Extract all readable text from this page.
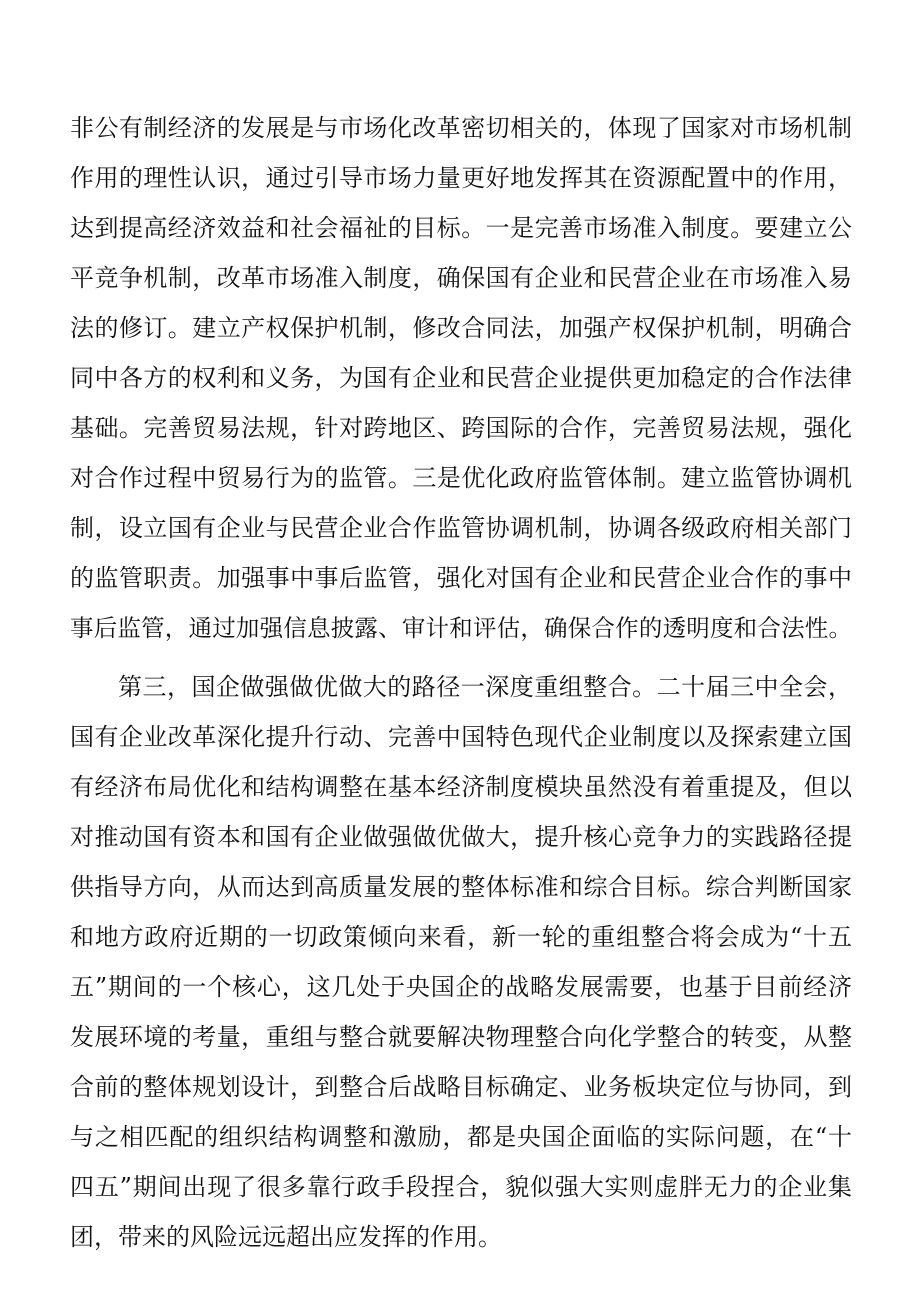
非公有制经济的发展是与市场化改革密切相关的，体现了国家对市场机制
作用的理性认识，通过引导市场力量更好地发挥其在资源配置中的作用，
达到提高经济效益和社会福祉的目标。一是完善市场准入制度。要建立公
平竞争机制，改革市场准入制度，确保国有企业和民营企业在市场准入易
法的修订。建立产权保护机制，修改合同法，加强产权保护机制，明确合
同中各方的权利和义务，为国有企业和民营企业提供更加稳定的合作法律
基础。完善贸易法规，针对跨地区、跨国际的合作，完善贸易法规，强化
对合作过程中贸易行为的监管。三是优化政府监管体制。建立监管协调机
制，设立国有企业与民营企业合作监管协调机制，协调各级政府相关部门
的监管职责。加强事中事后监管，强化对国有企业和民营企业合作的事中
事后监管，通过加强信息披露、审计和评估，确保合作的透明度和合法性。
第三，国企做强做优做大的路径一深度重组整合。二十届三中全会，
国有企业改革深化提升行动、完善中国特色现代企业制度以及探索建立国
有经济布局优化和结构调整在基本经济制度模块虽然没有着重提及，但以
对推动国有资本和国有企业做强做优做大，提升核心竞争力的实践路径提
供指导方向，从而达到高质量发展的整体标准和综合目标。综合判断国家
和地方政府近期的一切政策倾向来看，新一轮的重组整合将会成为“十五
五”期间的一个核心，这几处于央国企的战略发展需要，也基于目前经济
发展环境的考量，重组与整合就要解决物理整合向化学整合的转变，从整
合前的整体规划设计，到整合后战略目标确定、业务板块定位与协同，到
与之相匹配的组织结构调整和激励，都是央国企面临的实际问题，在“十
四五”期间出现了很多靠行政手段捏合，貌似强大实则虚胖无力的企业集
团，带来的风险远远超出应发挥的作用。
